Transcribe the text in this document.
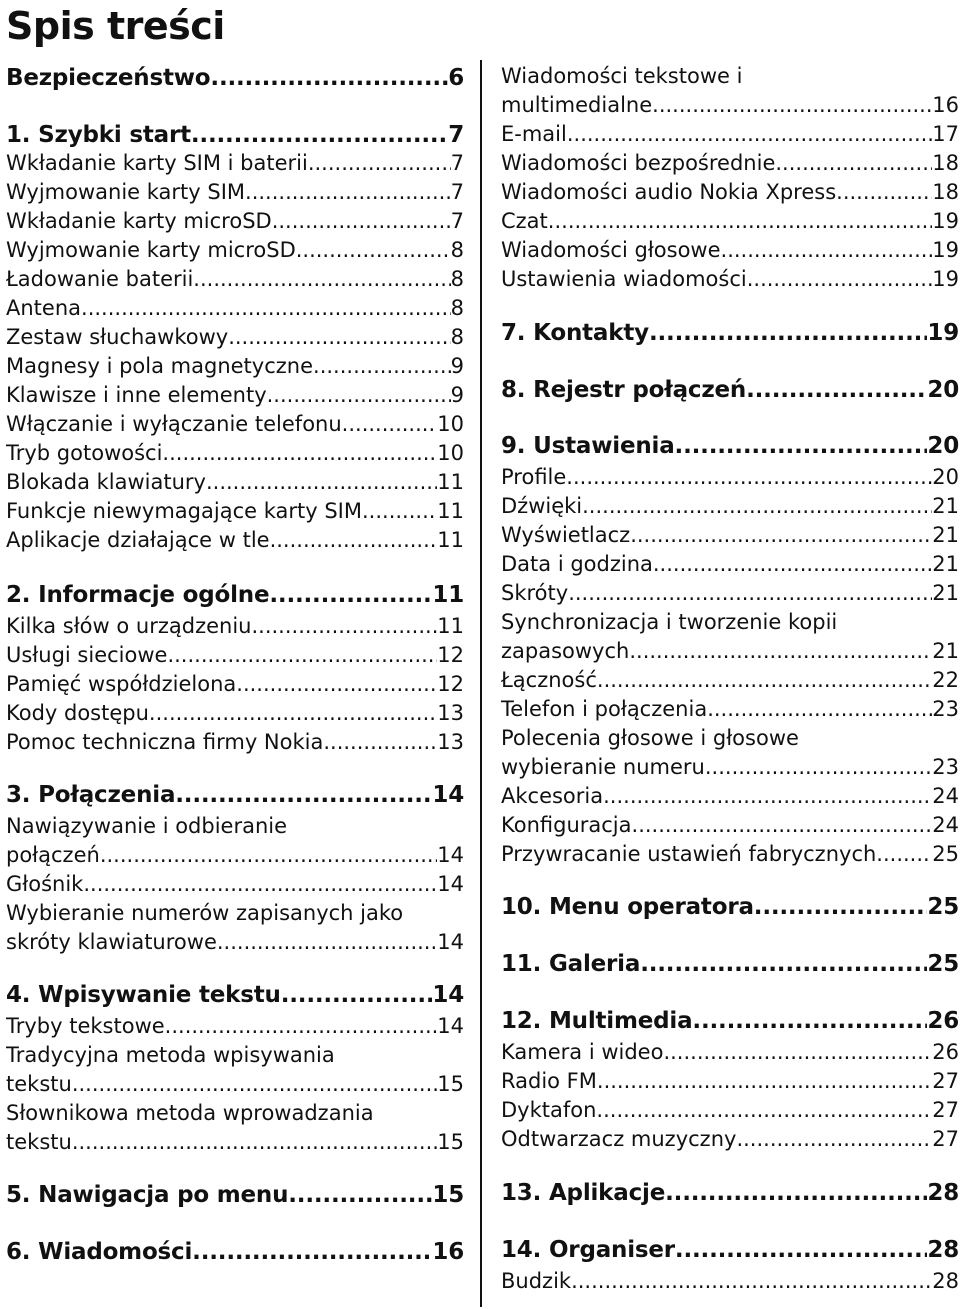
Spis treści
Bezpieczeństwo .....	6
1. Szybki start .....	7
Wkładanie karty SIM i baterii .....	7
Wyjmowanie karty SIM .....	7
Wkładanie karty microSD .....	7
Wyjmowanie karty microSD .....	8
Ładowanie baterii .....	8
Antena .....	8
Zestaw słuchawkowy .....	8
Magnesy i pola magnetyczne .....	9
Klawisze i inne elementy .....	9
Włączanie i wyłączanie telefonu .....	10
Tryb gotowości .....	10
Blokada klawiatury .....	11
Funkcje niewymagające karty SIM .....	11
Aplikacje działające w tle .....	11
2. Informacje ogólne .....	11
Kilka słów o urządzeniu .....	11
Usługi sieciowe .....	12
Pamięć współdzielona .....	12
Kody dostępu .....	13
Pomoc techniczna firmy Nokia .....	13
3. Połączenia .....	14
Nawiązywanie i odbieranie
połączeń .....	14
Głośnik .....	14
Wybieranie numerów zapisanych jako
skróty klawiaturowe .....	14
4. Wpisywanie tekstu .....	14
Tryby tekstowe .....	14
Tradycyjna metoda wpisywania
tekstu .....	15
Słownikowa metoda wprowadzania
tekstu .....	15
5. Nawigacja po menu .....	15
6. Wiadomości .....	16
Wiadomości tekstowe i
multimedialne .....	16
E-mail .....	17
Wiadomości bezpośrednie .....	18
Wiadomości audio Nokia Xpress .....	18
Czat .....	19
Wiadomości głosowe .....	19
Ustawienia wiadomości .....	19
7. Kontakty .....	19
8. Rejestr połączeń .....	20
9. Ustawienia .....	20
Profile .....	20
Dźwięki .....	21
Wyświetlacz .....	21
Data i godzina .....	21
Skróty .....	21
Synchronizacja i tworzenie kopii
zapasowych .....	21
Łączność .....	22
Telefon i połączenia .....	23
Polecenia głosowe i głosowe
wybieranie numeru .....	23
Akcesoria .....	24
Konfiguracja .....	24
Przywracanie ustawień fabrycznych .....	25
10. Menu operatora .....	25
11. Galeria .....	25
12. Multimedia .....	26
Kamera i wideo .....	26
Radio FM .....	27
Dyktafon .....	27
Odtwarzacz muzyczny .....	27
13. Aplikacje .....	28
14. Organiser .....	28
Budzik .....	28
